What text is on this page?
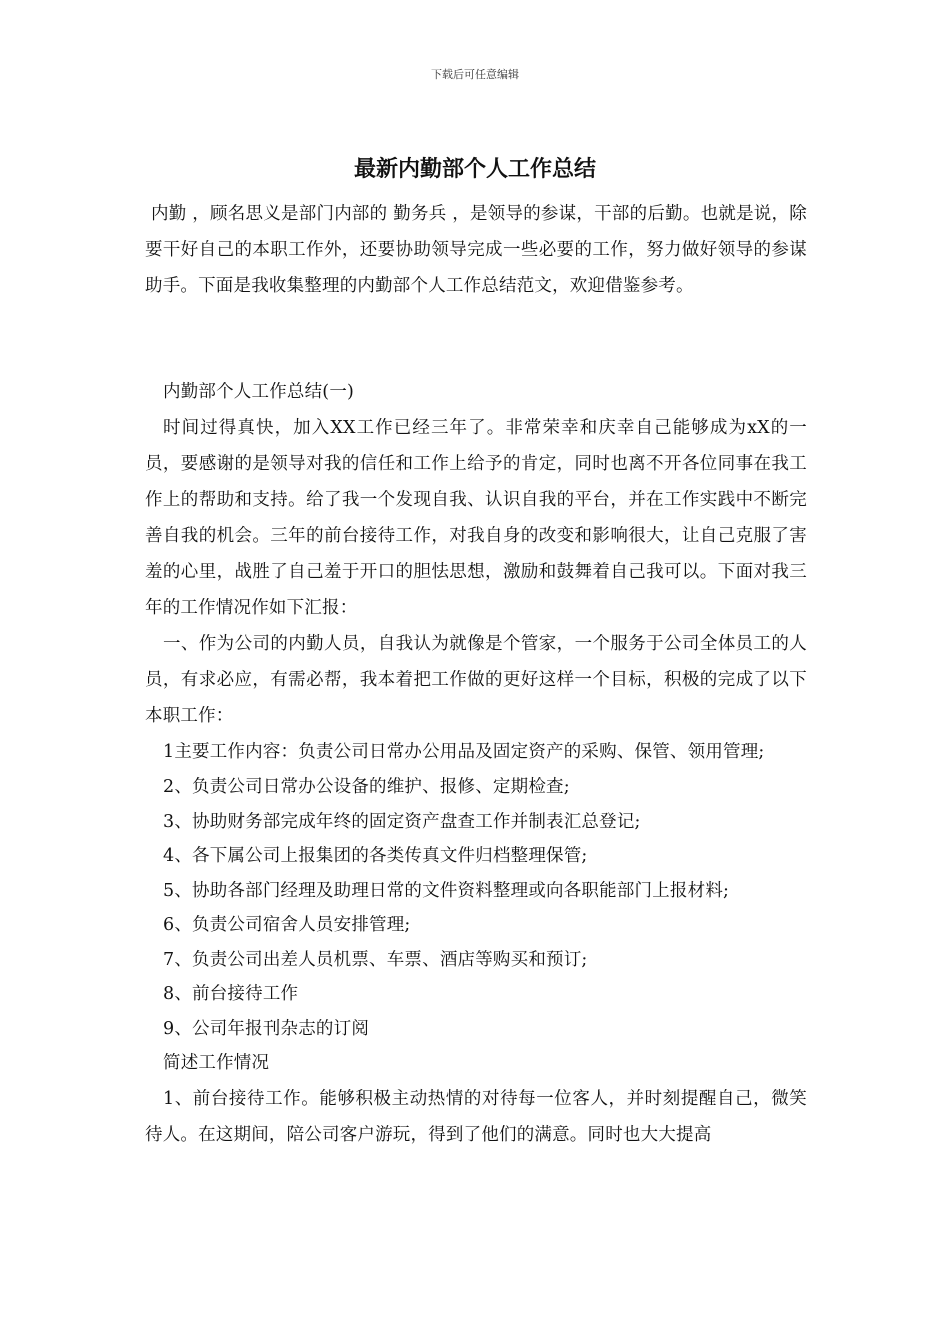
下载后可任意编辑
最新内勤部个人工作总结

内勤 ，顾名思义是部门内部的 勤务兵 ，是领导的参谋，干部的后勤。也就是说，除要干好自己的本职工作外，还要协助领导完成一些必要的工作，努力做好领导的参谋助手。下面是我收集整理的内勤部个人工作总结范文，欢迎借鉴参考。

内勤部个人工作总结(一)

时间过得真快，加入XX工作已经三年了。非常荣幸和庆幸自己能够成为xX的一员，要感谢的是领导对我的信任和工作上给予的肯定，同时也离不开各位同事在我工作上的帮助和支持。给了我一个发现自我、认识自我的平台，并在工作实践中不断完善自我的机会。三年的前台接待工作，对我自身的改变和影响很大，让自己克服了害羞的心里，战胜了自己羞于开口的胆怯思想，激励和鼓舞着自己我可以。下面对我三年的工作情况作如下汇报：

一、作为公司的内勤人员，自我认为就像是个管家，一个服务于公司全体员工的人员，有求必应，有需必帮，我本着把工作做的更好这样一个目标，积极的完成了以下本职工作：

1主要工作内容：负责公司日常办公用品及固定资产的采购、保管、领用管理;

2、负责公司日常办公设备的维护、报修、定期检查;

3、协助财务部完成年终的固定资产盘查工作并制表汇总登记;

4、各下属公司上报集团的各类传真文件归档整理保管;

5、协助各部门经理及助理日常的文件资料整理或向各职能部门上报材料;

6、负责公司宿舍人员安排管理;

7、负责公司出差人员机票、车票、酒店等购买和预订;

8、前台接待工作

9、公司年报刊杂志的订阅

简述工作情况

1、前台接待工作。能够积极主动热情的对待每一位客人，并时刻提醒自己，微笑待人。在这期间，陪公司客户游玩，得到了他们的满意。同时也大大提高
